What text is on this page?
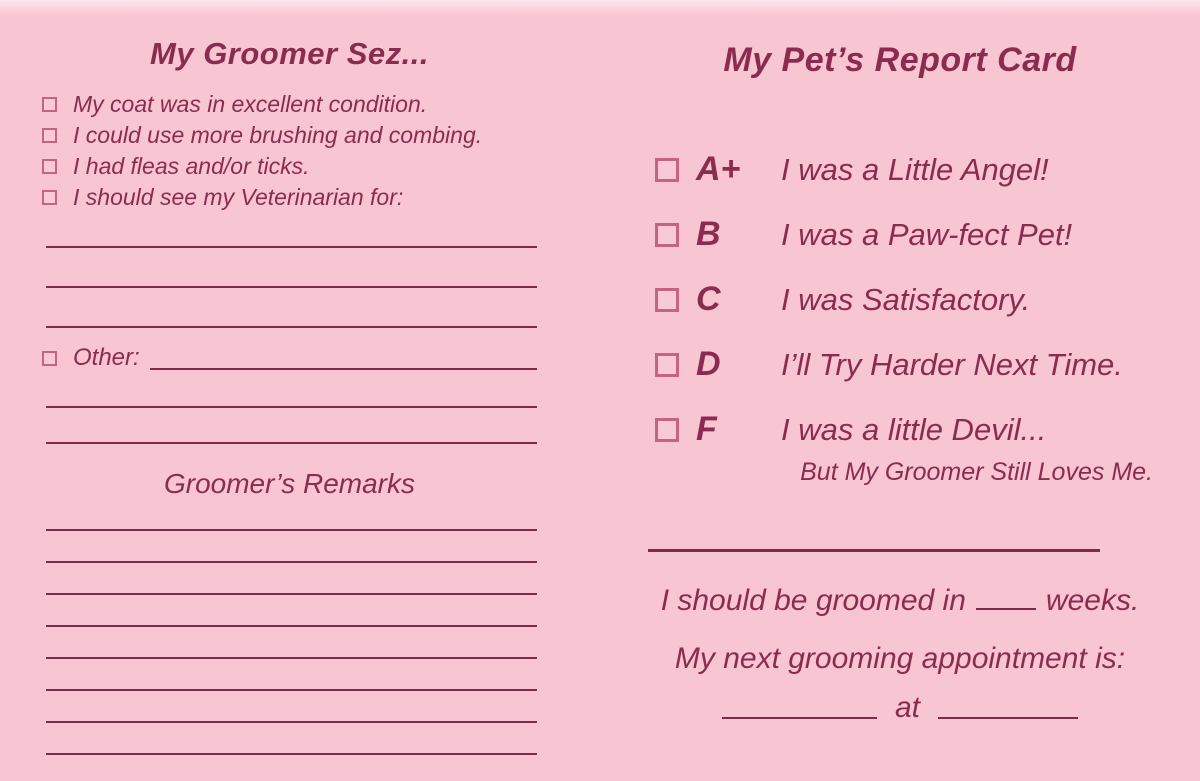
My Groomer Sez...
My coat was in excellent condition.
I could use more brushing and combing.
I had fleas and/or ticks.
I should see my Veterinarian for:
Other:
Groomer’s Remarks
My Pet’s Report Card
A+	I was a Little Angel!
B	I was a Paw-fect Pet!
C	I was Satisfactory.
D	I’ll Try Harder Next Time.
F	I was a little Devil...
But My Groomer Still Loves Me.
I should be groomed in	weeks.
My next grooming appointment is:
at
